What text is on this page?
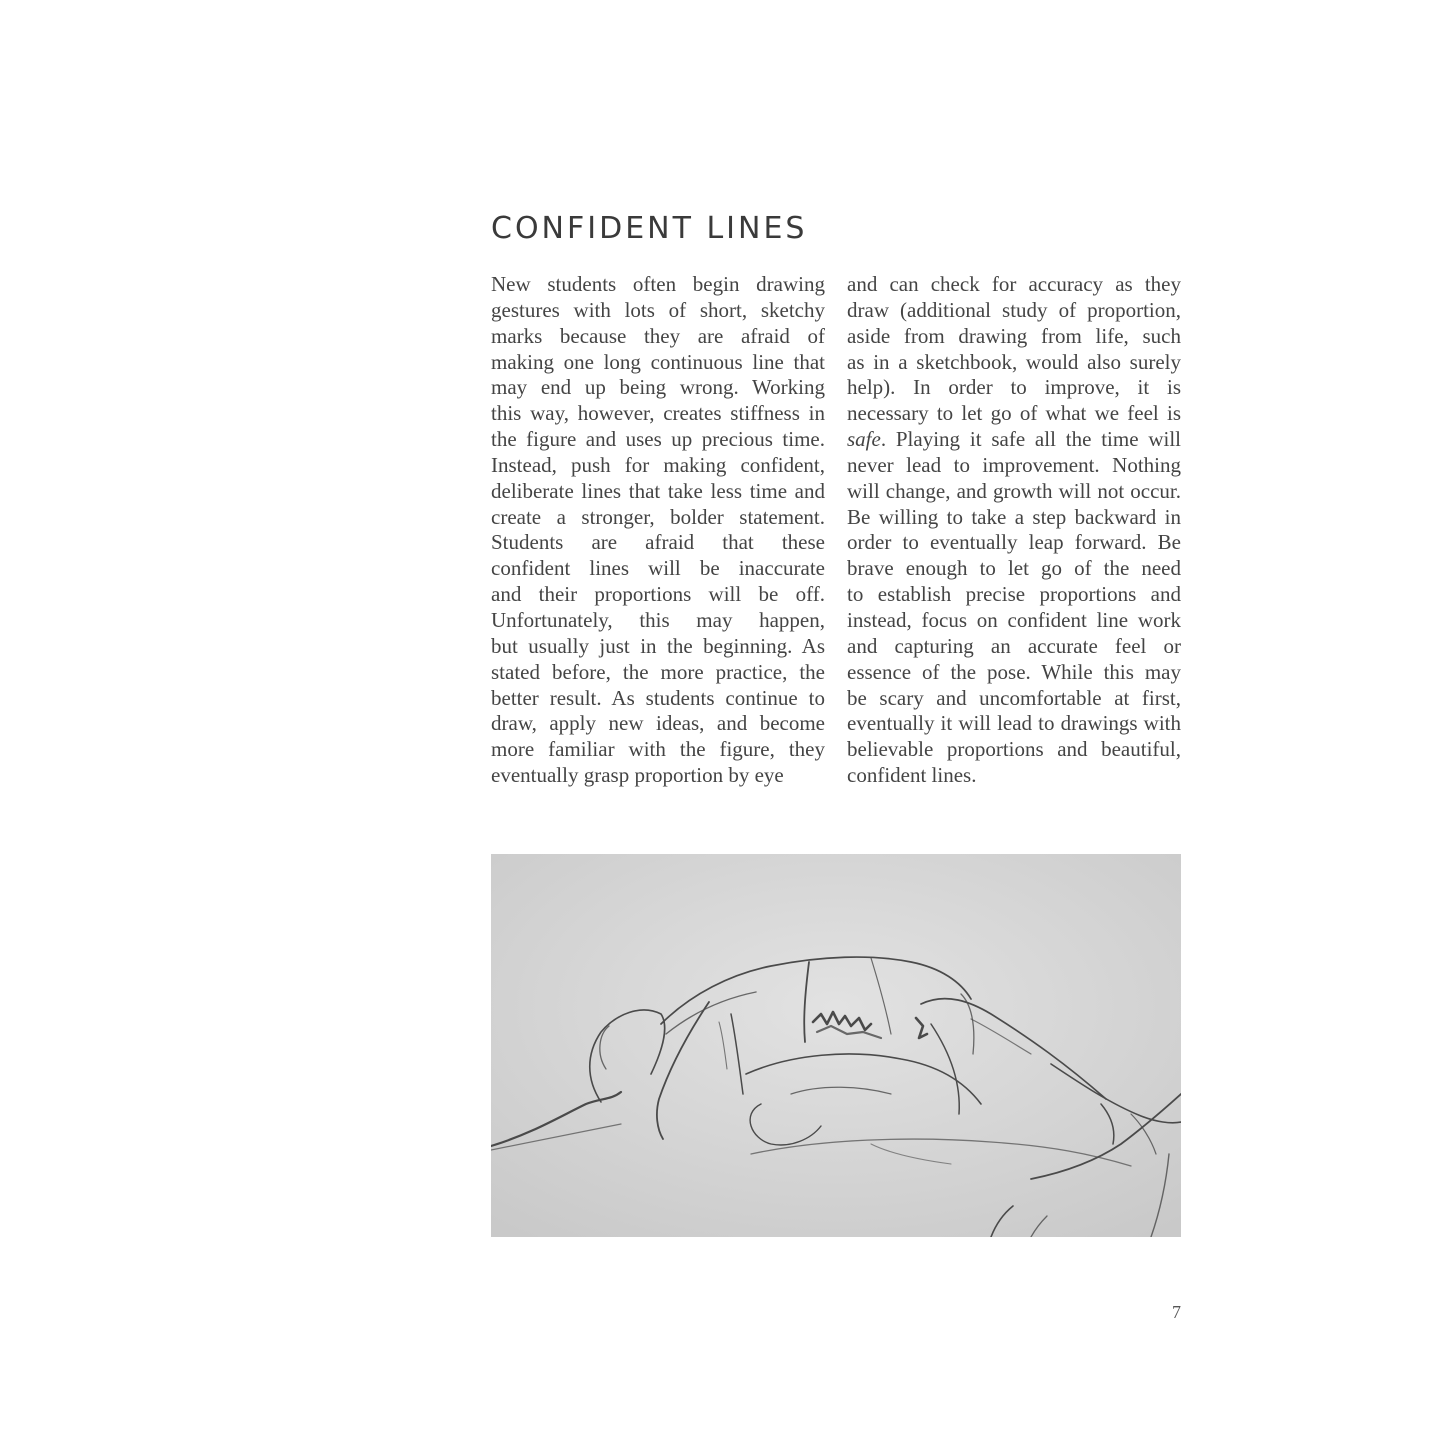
CONFIDENT LINES
New students often begin drawing
gestures with lots of short, sketchy
marks because they are afraid of
making one long continuous line that
may end up being wrong. Working
this way, however, creates stiffness in
the figure and uses up precious time.
Instead, push for making confident,
deliberate lines that take less time and
create a stronger, bolder statement.
Students are afraid that these
confident lines will be inaccurate
and their proportions will be off.
Unfortunately, this may happen,
but usually just in the beginning. As
stated before, the more practice, the
better result. As students continue to
draw, apply new ideas, and become
more familiar with the figure, they
eventually grasp proportion by eye
and can check for accuracy as they
draw (additional study of proportion,
aside from drawing from life, such
as in a sketchbook, would also surely
help). In order to improve, it is
necessary to let go of what we feel is
safe. Playing it safe all the time will
never lead to improvement. Nothing
will change, and growth will not occur.
Be willing to take a step backward in
order to eventually leap forward. Be
brave enough to let go of the need
to establish precise proportions and
instead, focus on confident line work
and capturing an accurate feel or
essence of the pose. While this may
be scary and uncomfortable at first,
eventually it will lead to drawings with
believable proportions and beautiful,
confident lines.
7
